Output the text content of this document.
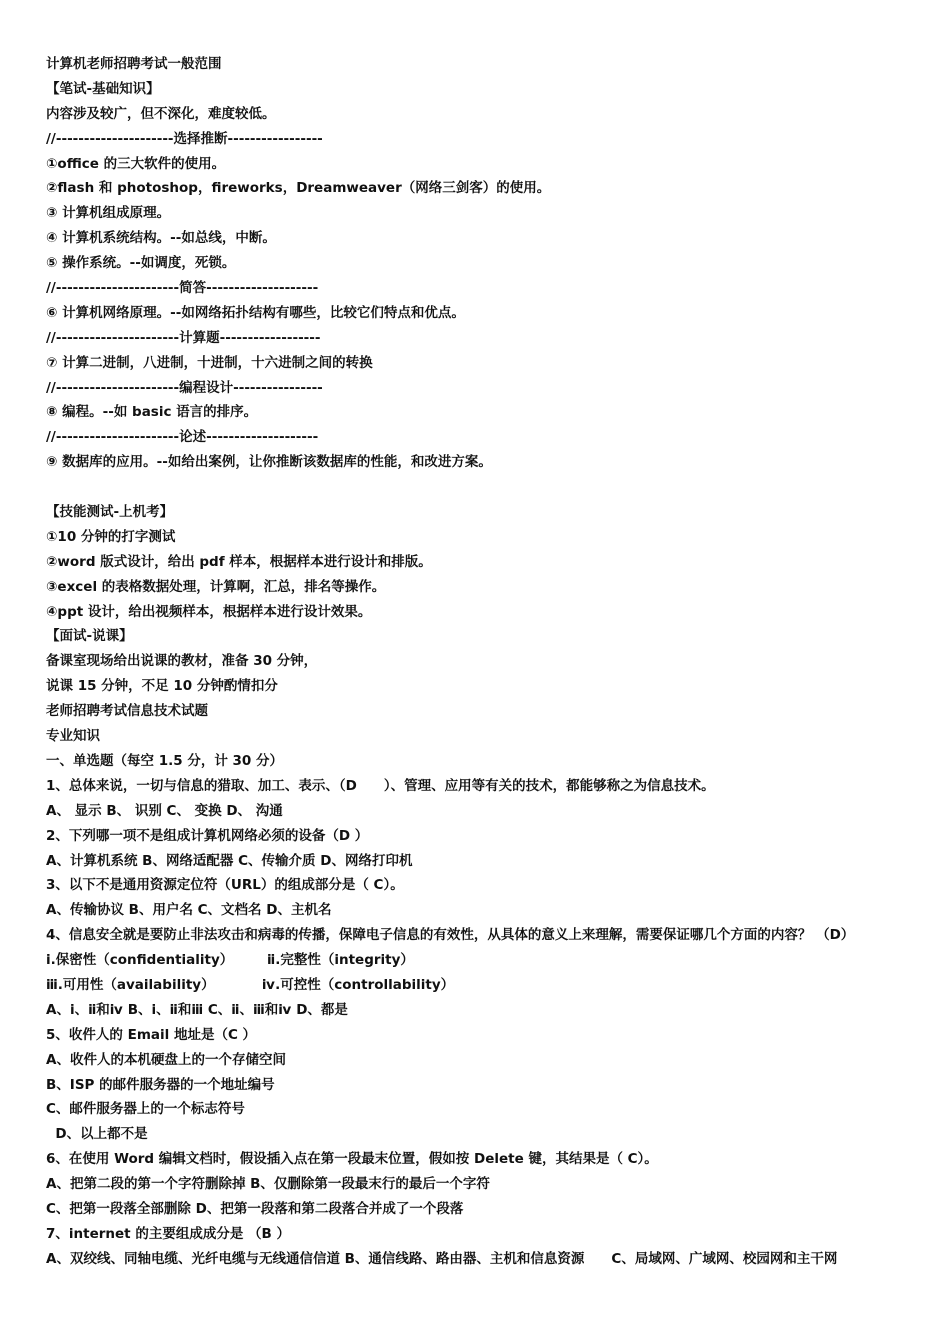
计算机老师招聘考试一般范围
【笔试-基础知识】
内容涉及较广，但不深化，难度较低。
//---------------------选择推断-----------------
①office 的三大软件的使用。
②flash 和 photoshop，fireworks，Dreamweaver（网络三剑客）的使用。
③ 计算机组成原理。
④ 计算机系统结构。--如总线，中断。
⑤ 操作系统。--如调度，死锁。
//----------------------简答--------------------
⑥ 计算机网络原理。--如网络拓扑结构有哪些，比较它们特点和优点。
//----------------------计算题------------------
⑦ 计算二进制，八进制，十进制，十六进制之间的转换
//----------------------编程设计----------------
⑧ 编程。--如 basic 语言的排序。
//----------------------论述--------------------
⑨ 数据库的应用。--如给出案例，让你推断该数据库的性能，和改进方案。
【技能测试-上机考】
①10 分钟的打字测试
②word 版式设计，给出 pdf 样本，根据样本进行设计和排版。
③excel 的表格数据处理，计算啊，汇总，排名等操作。
④ppt 设计，给出视频样本，根据样本进行设计效果。
【面试-说课】
备课室现场给出说课的教材，准备 30 分钟，
说课 15 分钟，不足 10 分钟酌情扣分
老师招聘考试信息技术试题
专业知识
一、单选题（每空 1.5 分，计 30 分）
1、总体来说，一切与信息的猎取、加工、表示、（D　　）、管理、应用等有关的技术，都能够称之为信息技术。
A、 显示 B、 识别 C、 变换 D、 沟通
2、下列哪一项不是组成计算机网络必须的设备（D ）
A、计算机系统 B、网络适配器 C、传输介质 D、网络打印机
3、以下不是通用资源定位符（URL）的组成部分是（ C）。
A、传输协议 B、用户名 C、文档名 D、主机名
4、信息安全就是要防止非法攻击和病毒的传播，保障电子信息的有效性，从具体的意义上来理解，需要保证哪几个方面的内容？ （D）
ⅰ.保密性（confidentiality）　　　ⅱ.完整性（integrity）
ⅲ.可用性（availability）　　　　ⅳ.可控性（controllability）
A、ⅰ、ⅱ和ⅳ B、ⅰ、ⅱ和ⅲ C、ⅱ、ⅲ和ⅳ D、都是
5、收件人的 Email 地址是（C ）
A、收件人的本机硬盘上的一个存储空间
B、ISP 的邮件服务器的一个地址编号
C、邮件服务器上的一个标志符号
D、以上都不是
6、在使用 Word 编辑文档时，假设插入点在第一段最末位置，假如按 Delete 键，其结果是（ C）。
A、把第二段的第一个字符删除掉 B、仅删除第一段最末行的最后一个字符
C、把第一段落全部删除 D、把第一段落和第二段落合并成了一个段落
7、internet 的主要组成成分是 （B ）
A、双绞线、同轴电缆、光纤电缆与无线通信信道 B、通信线路、路由器、主机和信息资源　　C、局域网、广域网、校园网和主干网
